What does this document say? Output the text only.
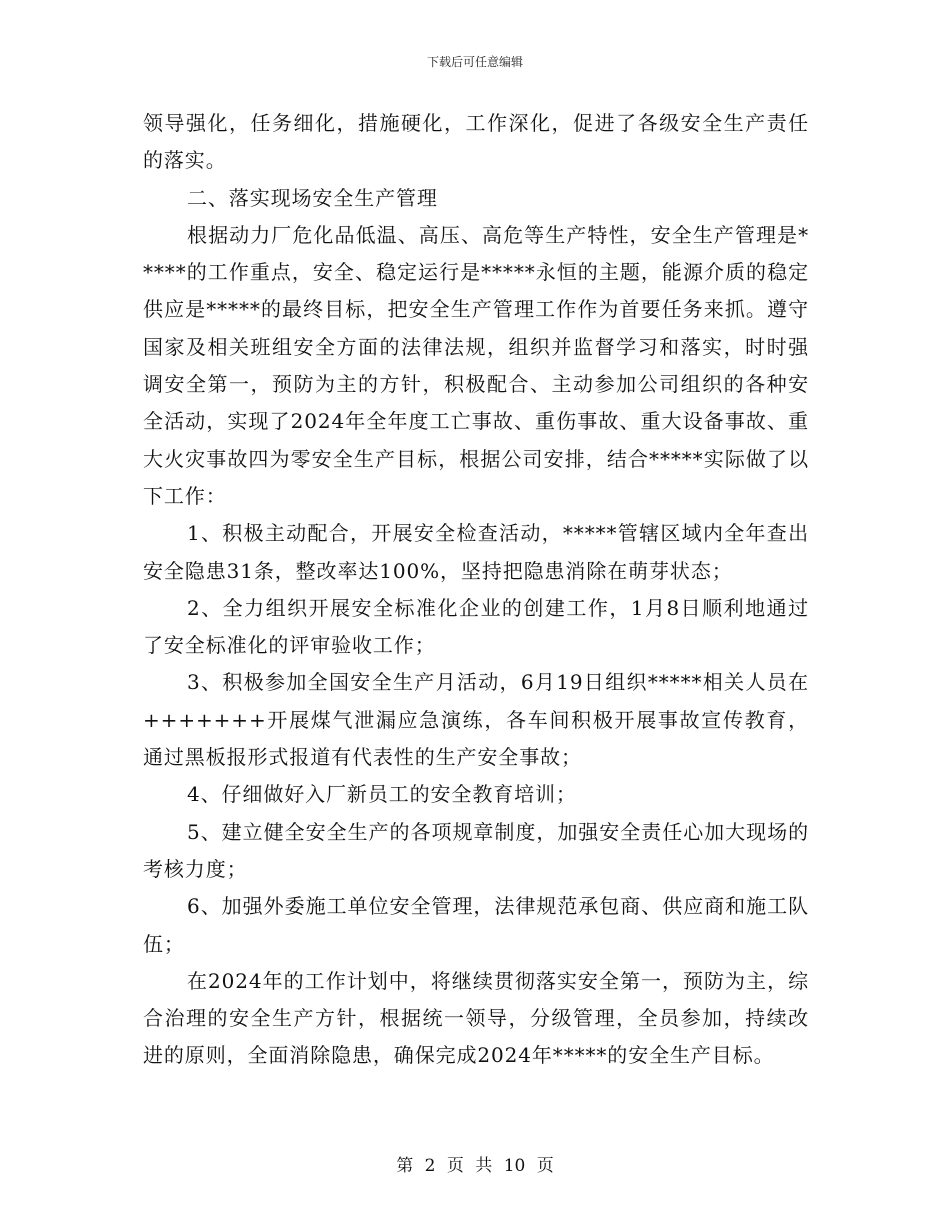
下载后可任意编辑

领导强化，任务细化，措施硬化，工作深化，促进了各级安全生产责任的落实。

二、落实现场安全生产管理

根据动力厂危化品低温、高压、高危等生产特性，安全生产管理是*****的工作重点，安全、稳定运行是*****永恒的主题，能源介质的稳定供应是*****的最终目标，把安全生产管理工作作为首要任务来抓。遵守国家及相关班组安全方面的法律法规，组织并监督学习和落实，时时强调安全第一，预防为主的方针，积极配合、主动参加公司组织的各种安全活动，实现了2024年全年度工亡事故、重伤事故、重大设备事故、重大火灾事故四为零安全生产目标，根据公司安排，结合*****实际做了以下工作：

1、积极主动配合，开展安全检查活动，*****管辖区域内全年查出安全隐患31条，整改率达100%，坚持把隐患消除在萌芽状态；

2、全力组织开展安全标准化企业的创建工作，1月8日顺利地通过了安全标准化的评审验收工作；

3、积极参加全国安全生产月活动，6月19日组织*****相关人员在+++++++开展煤气泄漏应急演练，各车间积极开展事故宣传教育，通过黑板报形式报道有代表性的生产安全事故；

4、仔细做好入厂新员工的安全教育培训；

5、建立健全安全生产的各项规章制度，加强安全责任心加大现场的考核力度；

6、加强外委施工单位安全管理，法律规范承包商、供应商和施工队伍；

在2024年的工作计划中，将继续贯彻落实安全第一，预防为主，综合治理的安全生产方针，根据统一领导，分级管理，全员参加，持续改进的原则，全面消除隐患，确保完成2024年*****的安全生产目标。

第 2 页 共 10 页
